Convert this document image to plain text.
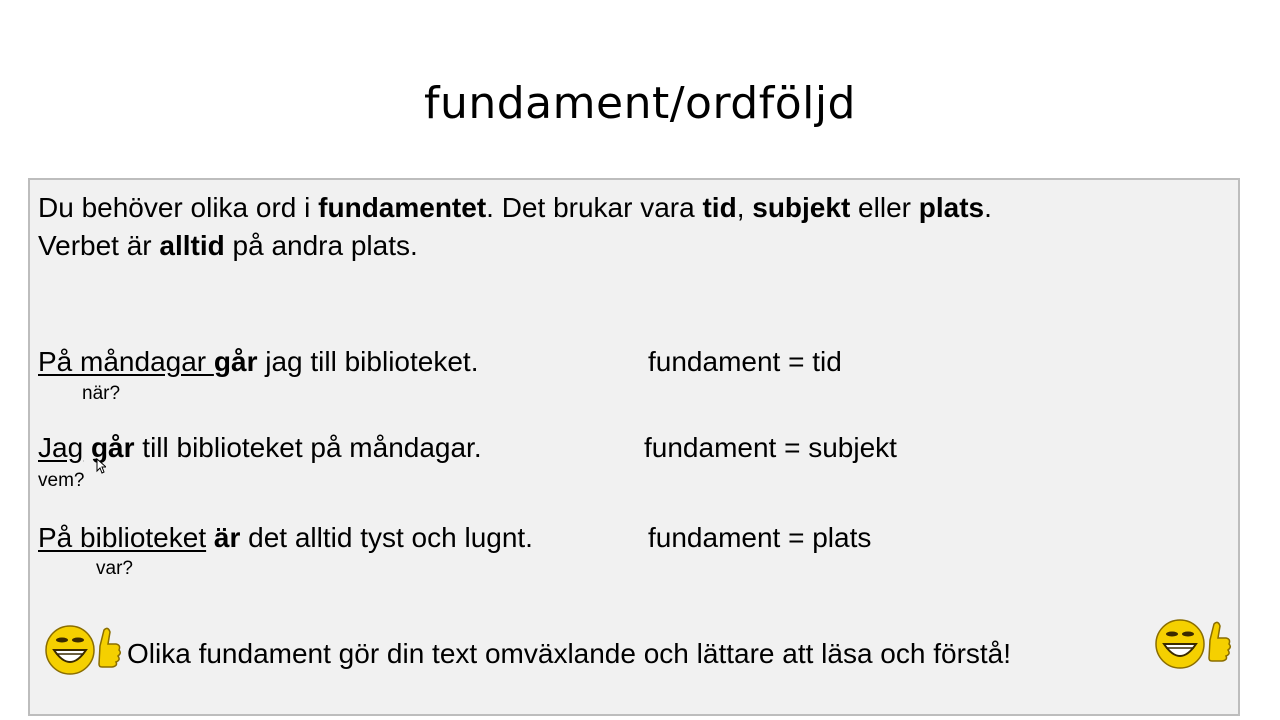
fundament/ordföljd
Du behöver olika ord i fundamentet. Det brukar vara tid, subjekt eller plats.
Verbet är alltid på andra plats.
På måndagar går jag till biblioteket.
när?
fundament = tid
Jag går till biblioteket på måndagar.
vem?
fundament = subjekt
På biblioteket är det alltid tyst och lugnt.
var?
fundament = plats
Olika fundament gör din text omväxlande och lättare att läsa och förstå!
